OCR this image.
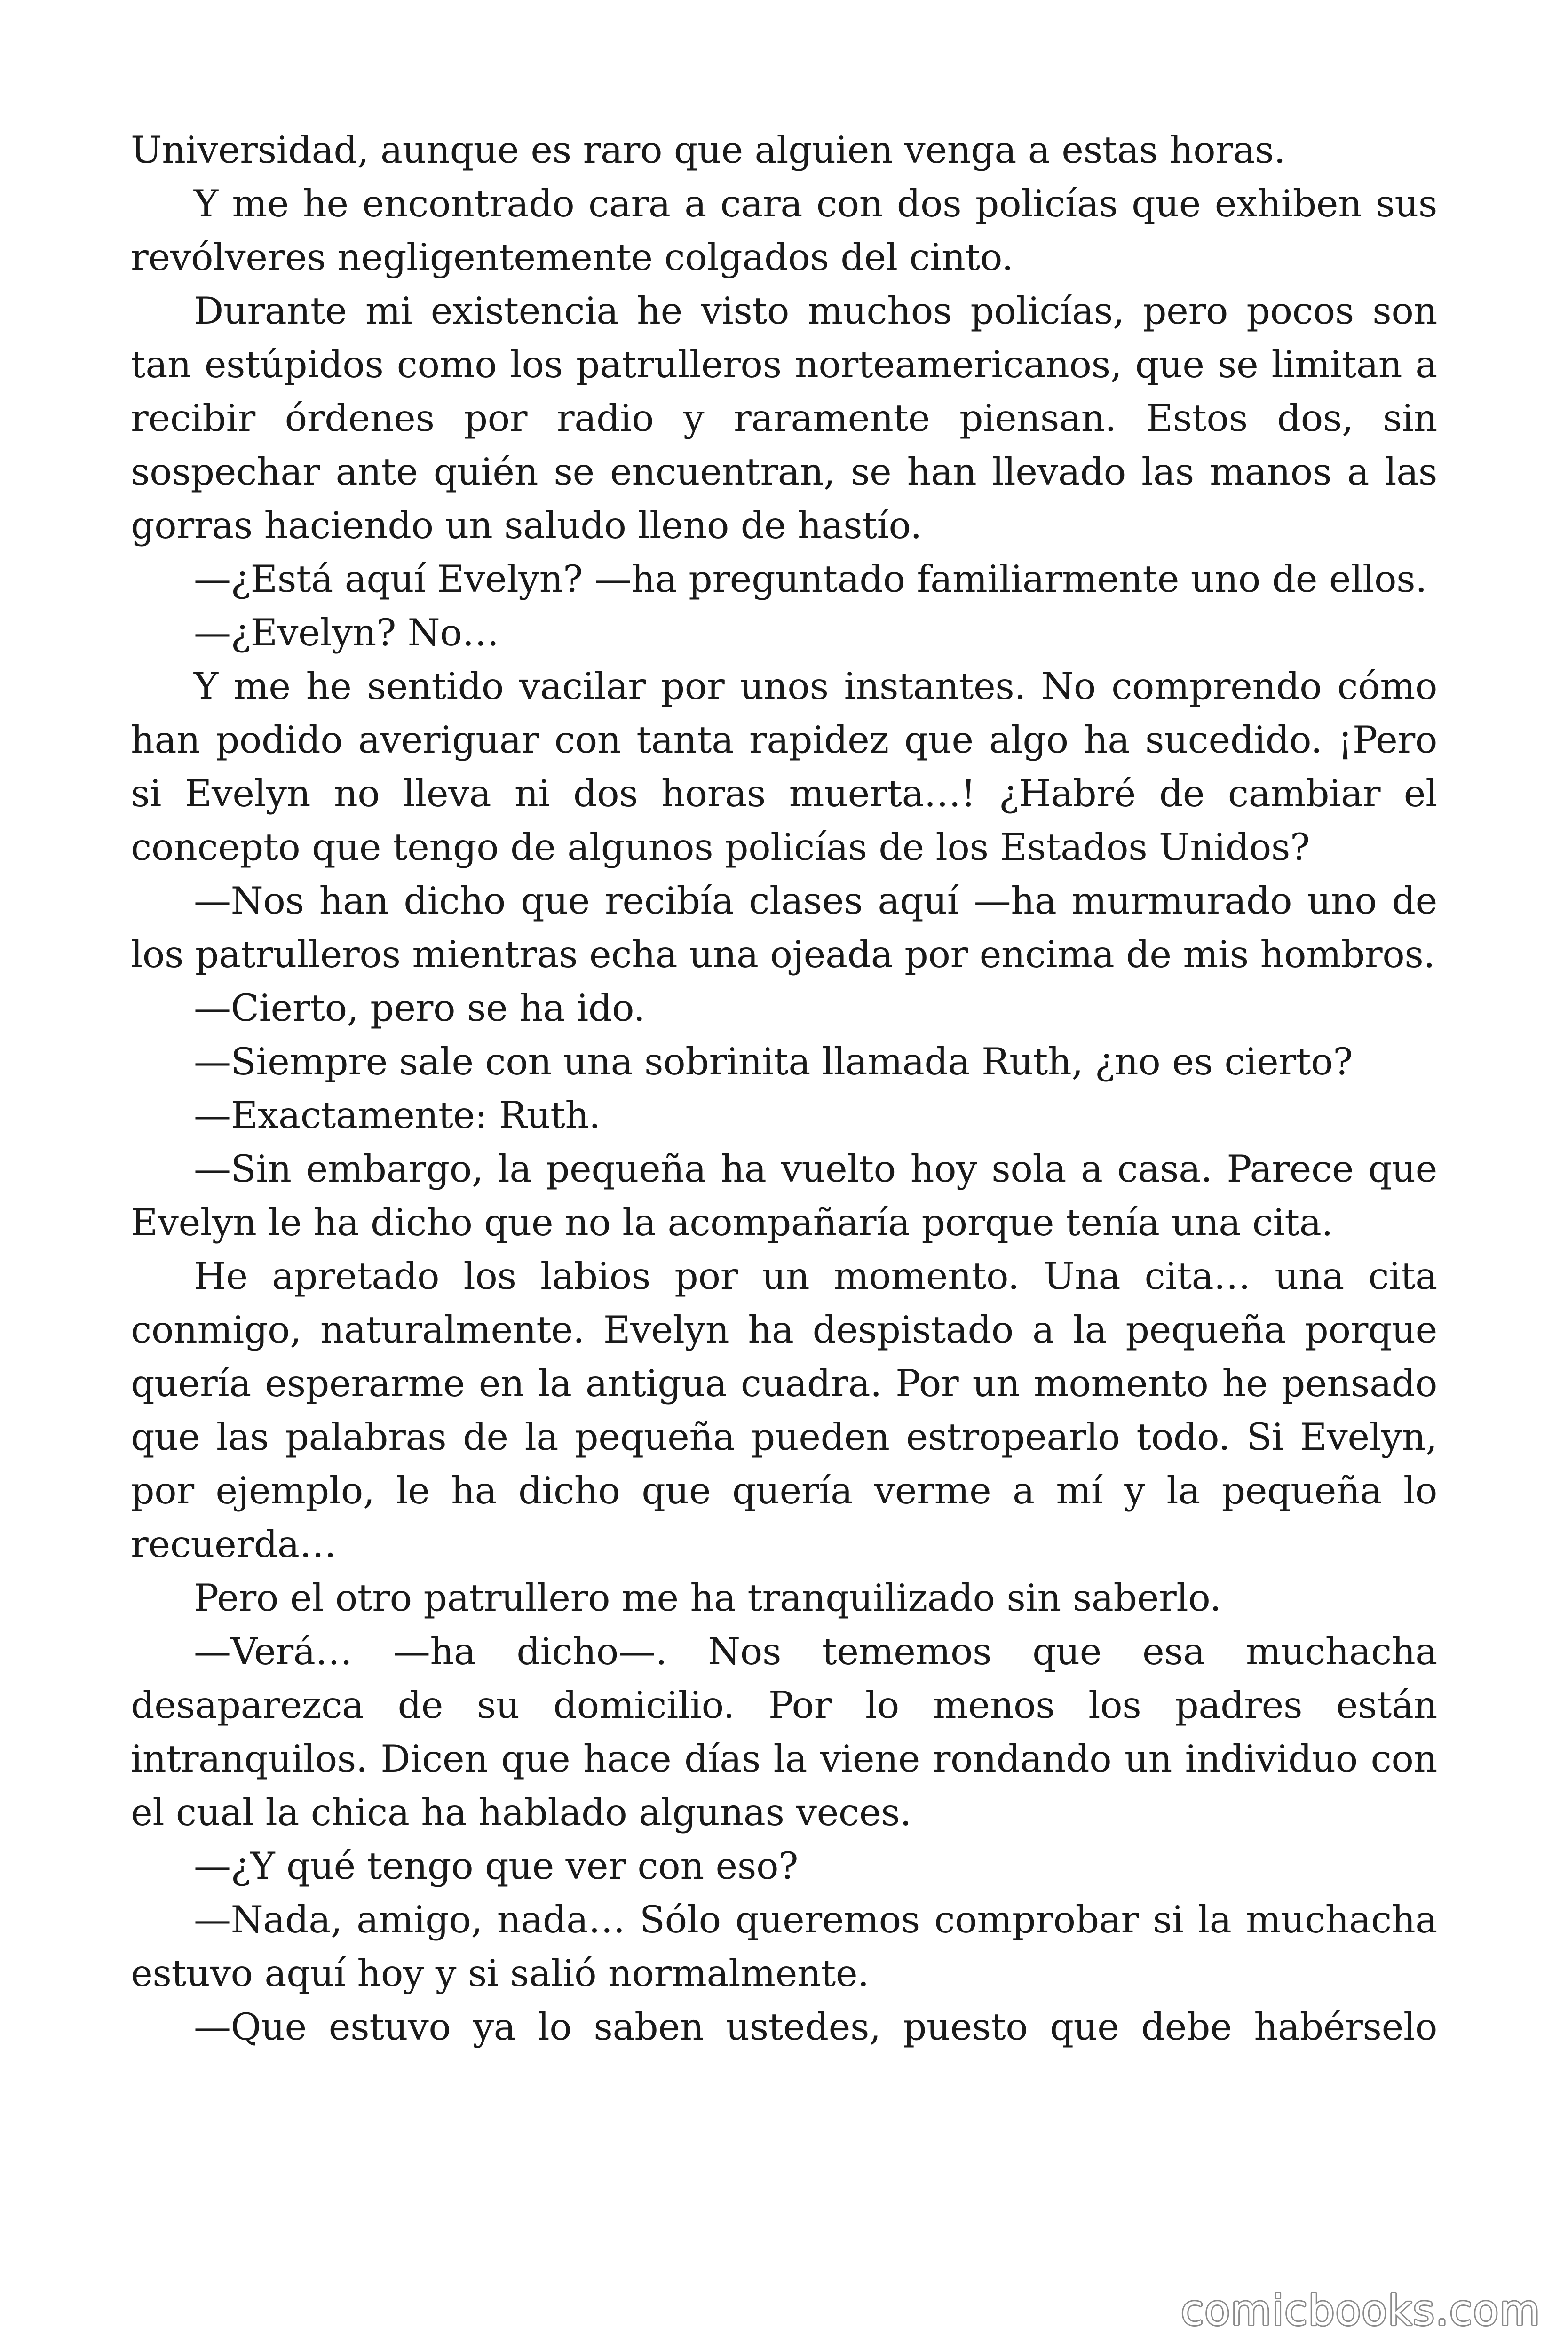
Universidad, aunque es raro que alguien venga a estas horas.

Y me he encontrado cara a cara con dos policías que exhiben sus revólveres negligentemente colgados del cinto.

Durante mi existencia he visto muchos policías, pero pocos son tan estúpidos como los patrulleros norteamericanos, que se limitan a recibir órdenes por radio y raramente piensan. Estos dos, sin sospechar ante quién se encuentran, se han llevado las manos a las gorras haciendo un saludo lleno de hastío.

—¿Está aquí Evelyn? —ha preguntado familiarmente uno de ellos.

—¿Evelyn? No…

Y me he sentido vacilar por unos instantes. No comprendo cómo han podido averiguar con tanta rapidez que algo ha sucedido. ¡Pero si Evelyn no lleva ni dos horas muerta…! ¿Habré de cambiar el concepto que tengo de algunos policías de los Estados Unidos?

—Nos han dicho que recibía clases aquí —ha murmurado uno de los patrulleros mientras echa una ojeada por encima de mis hombros.

—Cierto, pero se ha ido.

—Siempre sale con una sobrinita llamada Ruth, ¿no es cierto?

—Exactamente: Ruth.

—Sin embargo, la pequeña ha vuelto hoy sola a casa. Parece que Evelyn le ha dicho que no la acompañaría porque tenía una cita.

He apretado los labios por un momento. Una cita… una cita conmigo, naturalmente. Evelyn ha despistado a la pequeña porque quería esperarme en la antigua cuadra. Por un momento he pensado que las palabras de la pequeña pueden estropearlo todo. Si Evelyn, por ejemplo, le ha dicho que quería verme a mí y la pequeña lo recuerda…

Pero el otro patrullero me ha tranquilizado sin saberlo.

—Verá… —ha dicho—. Nos tememos que esa muchacha desaparezca de su domicilio. Por lo menos los padres están intranquilos. Dicen que hace días la viene rondando un individuo con el cual la chica ha hablado algunas veces.

—¿Y qué tengo que ver con eso?

—Nada, amigo, nada… Sólo queremos comprobar si la muchacha estuvo aquí hoy y si salió normalmente.

—Que estuvo ya lo saben ustedes, puesto que debe habérselo

comicbooks.com
